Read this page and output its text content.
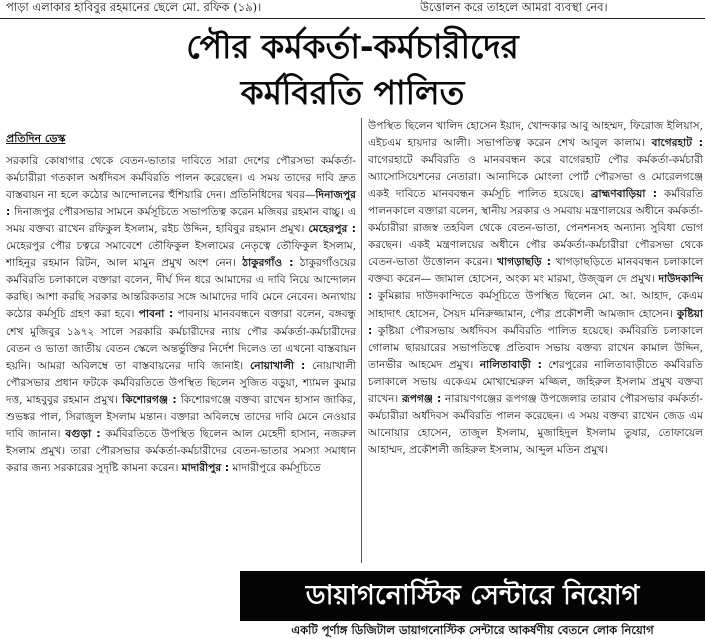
পাড়া এলাকার হাবিবুর রহমানের ছেলে মো. রফিক (১৯)।	উত্তোলন করে তাহলে আমরা ব্যবস্থা নেব।
পৌর কর্মকর্তা-কর্মচারীদের
কর্মবিরতি পালিত
প্রতিদিন ডেস্ক

সরকারি কোষাগার থেকে বেতন-ভাতার দাবিতে সারা দেশের পৌরসভা কর্মকর্তা-কর্মচারীরা গতকাল অর্ধদিবস কর্মবিরতি পালন করেছেন। এ সময় তাদের দাবি দ্রুত বাস্তবায়ন না হলে কঠোর আন্দোলনের হুঁশিয়ারি দেন। প্রতিনিধিদের খবর—দিনাজপুর : দিনাজপুর পৌরসভার সামনে কর্মসূচিতে সভাপতিত্ব করেন মজিবর রহমান বাচ্চু। এ সময় বক্তব্য রাখেন রফিকুল ইসলাম, রইচ উদ্দিন, হাবিবুর রহমান প্রমুখ। মেহেরপুর : মেহেরপুর পৌর চত্বরে সমাবেশে তৌফিকুল ইসলামের নেতৃত্বে তৌফিকুল ইসলাম, শাহিনুর রহমান রিটন, আল মামুন প্রমুখ অংশ নেন। ঠাকুরগাঁও : ঠাকুরগাঁওয়ের কর্মবিরতি চলাকালে বক্তারা বলেন, দীর্ঘ দিন ধরে আমাদের এ দাবি নিয়ে আন্দোলন করছি। আশা করছি সরকার আন্তরিকতার সঙ্গে আমাদের দাবি মেনে নেবেন। অন্যথায় কঠোর কর্মসূচি গ্রহণ করা হবে। পাবনা : পাবনায় মানববন্ধনে বক্তারা বলেন, বঙ্গবন্ধু শেখ মুজিবুর ১৯৭২ সালে সরকারি কর্মচারীদের ন্যায় পৌর কর্মকর্তা-কর্মচারীদের বেতন ও ভাতা জাতীয় বেতন স্কেলে অন্তর্ভুক্তির নির্দেশ দিলেও তা এখনো বাস্তবায়ন হয়নি। আমরা অবিলম্বে তা বাস্তবায়নের দাবি জানাই। নোয়াখালী : নোয়াখালী পৌরসভার প্রধান ফটকে কর্মবিরতিতে উপস্থিত ছিলেন সুজিত বড়ুয়া, শ্যামল কুমার দত্ত, মাহবুবুর রহমান প্রমুখ। কিশোরগঞ্জ : কিশোরগঞ্জে বক্তব্য রাখেন হাসান জাকির, শুভঙ্কর পাল, সিরাজুল ইসলাম মন্তান। বক্তারা অবিলম্বে তাদের দাবি মেনে নেওয়ার দাবি জানান। বগুড়া : কর্মবিরতিতে উপস্থিত ছিলেন আল মেহেদী হাসান, নজরুল ইসলাম প্রমুখ। তারা পৌরসভার কর্মকর্তা-কর্মচারীদের বেতন-ভাতার সমস্যা সমাধান করার জন্য সরকারের সুদৃষ্টি কামনা করেন। মাদারীপুর : মাদারীপুরে কর্মসূচিতে

উপস্থিত ছিলেন খালিদ হোসেন ইয়াদ, খোন্দকার আবু আহম্মদ, ফিরোজ ইলিয়াস, এইচএম হায়দার আলী। সভাপতিত্ব করেন শেখ আবুল কালাম। বাগেরহাট : বাগেরহাটে কর্মবিরতি ও মানববন্ধন করে বাগেরহাট পৌর কর্মকর্তা-কর্মচারী অ্যাসোসিয়েশনের নেতারা। আন্যদিকে মোংলা পোর্ট পৌরসভা ও মোরেলগঞ্জে একই দাবিতে মানববন্ধন কর্মসূচি পালিত হয়েছে। ব্রাহ্মণবাড়িয়া : কর্মবিরতি পালনকালে বক্তারা বলেন, স্থানীয় সরকার ও সমবায় মন্ত্রণালয়ের অধীনে কর্মকর্তা-কর্মচারীরা রাজস্ব তহবিল থেকে বেতন-ভাতা, পেনশনসহ অন্যান্য সুবিধা ভোগ করছেন। একই মন্ত্রণালয়ের অধীনে পৌর কর্মকর্তা-কর্মচারীরা পৌরসভা থেকে বেতন-ভাতা উত্তোলন করেন। খাগড়াছড়ি : খাগড়াছড়িতে মানববন্ধন চলাকালে বক্তব্য করেন— জামাল হোসেন, অংক্য মং মারমা, উজ্জ্বল দে প্রমুখ। দাউদকান্দি : কুমিল্লার দাউদকান্দিতে কর্মসূচিতে উপস্থিত ছিলেন মো. আ. আহাদ, কেএম সাহাদাৎ হোসেন, সৈয়দ মনিরুজ্জামান, পৌর প্রকৌশলী আমজাদ হোসেন। কুষ্টিয়া : কুষ্টিয়া পৌরসভায় অর্ধদিবস কর্মবিরতি পালিত হয়েছে। কর্মবিরতি চলাকালে গোলাম ছারয়ারের সভাপতিত্বে প্রতিবাদ সভায় বক্তব্য রাখেন কামাল উদ্দিন, তানভীর আহমেদ প্রমুখ। নালিতাবাড়ী : শেরপুরের নালিতাবাড়ীতে কর্মবিরতি চলাকালে সভায় একেএম মোখাম্মেরুল মজ্জিল, জহিরুল ইসলাম প্রমুখ বক্তব্য রাখেন। রূপগঞ্জ : নারায়ণগঞ্জের রূপগঞ্জ উপজেলার তারাব পৌরসভার কর্মকর্তা-কর্মচারীরা অর্ধদিবস কর্মবিরতি পালন করেছেন। এ সময় বক্তব্য রাখেন জেড এম আনোয়ার হোসেন, তাজুল ইসলাম, মুজাহিদুল ইসলাম তুষার, তোফায়েল আহাম্মদ, প্রকৌশলী জহিরুল ইসলাম, আব্দুল মতিন প্রমুখ।

ডায়াগনোস্টিক সেন্টারে নিয়োগ
একটি পূর্ণাঙ্গ ডিজিটাল ডায়াগনোস্টিক সেন্টারে আকর্ষণীয় বেতনে লোক নিয়োগ
